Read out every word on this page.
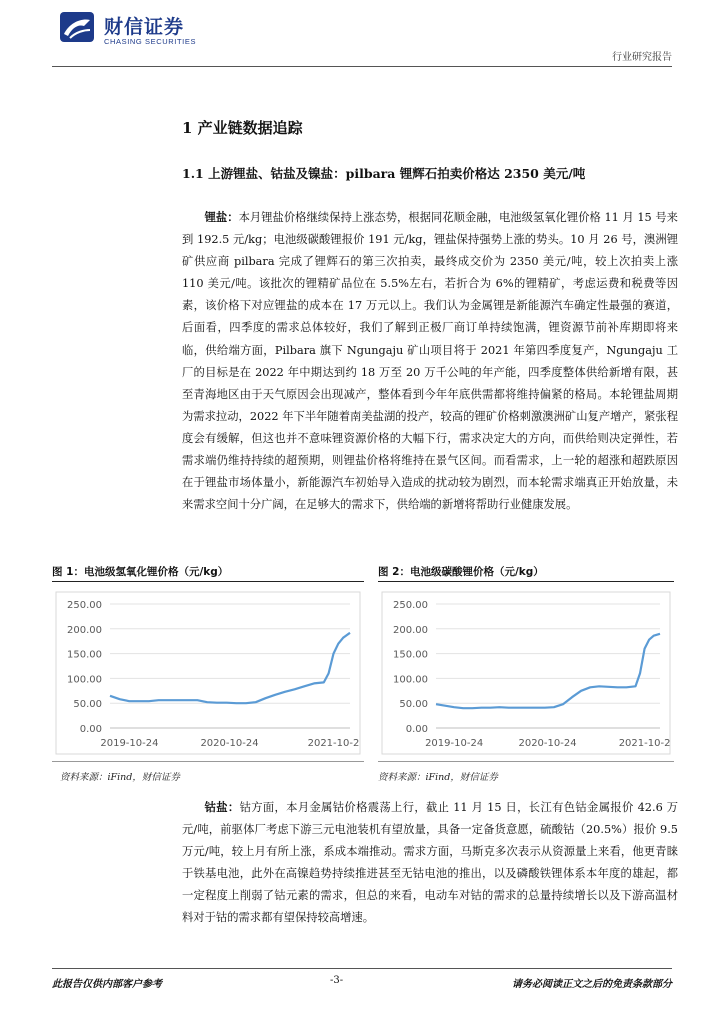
财信证券
CHASING SECURITIES
行业研究报告
1 产业链数据追踪
1.1 上游锂盐、钴盐及镍盐：pilbara 锂辉石拍卖价格达 2350 美元/吨
锂盐：本月锂盐价格继续保持上涨态势，根据同花顺金融，电池级氢氧化锂价格 11 月 15 号来到 192.5 元/kg；电池级碳酸锂报价 191 元/kg，锂盐保持强势上涨的势头。10 月 26 号，澳洲锂矿供应商 pilbara 完成了锂辉石的第三次拍卖，最终成交价为 2350 美元/吨，较上次拍卖上涨 110 美元/吨。该批次的锂精矿品位在 5.5%左右，若折合为 6%的锂精矿，考虑运费和税费等因素，该价格下对应锂盐的成本在 17 万元以上。我们认为金属锂是新能源汽车确定性最强的赛道，后面看，四季度的需求总体较好，我们了解到正极厂商订单持续饱满，锂资源节前补库期即将来临，供给端方面，Pilbara 旗下 Ngungaju 矿山项目将于 2021 年第四季度复产，Ngungaju 工厂的目标是在 2022 年中期达到约 18 万至 20 万千公吨的年产能，四季度整体供给新增有限，甚至青海地区由于天气原因会出现减产，整体看到今年年底供需都将维持偏紧的格局。本轮锂盐周期为需求拉动，2022 年下半年随着南美盐湖的投产，较高的锂矿价格刺激澳洲矿山复产增产，紧张程度会有缓解，但这也并不意味锂资源价格的大幅下行，需求决定大的方向，而供给则决定弹性，若需求端仍维持持续的超预期，则锂盐价格将维持在景气区间。而看需求，上一轮的超涨和超跌原因在于锂盐市场体量小，新能源汽车初始导入造成的扰动较为剧烈，而本轮需求端真正开始放量，未来需求空间十分广阔，在足够大的需求下，供给端的新增将帮助行业健康发展。
图 1：电池级氢氧化锂价格（元/kg）	图 2：电池级碳酸锂价格（元/kg）
250.00
200.00
150.00
100.00
50.00
0.00
2019-10-24	2020-10-24	2021-10-2
250.00
200.00
150.00
100.00
50.00
0.00
2019-10-24	2020-10-24	2021-10-2
资料来源：iFind，财信证券	资料来源：iFind，财信证券
钴盐：钴方面，本月金属钴价格震荡上行，截止 11 月 15 日，长江有色钴金属报价 42.6 万元/吨，前驱体厂考虑下游三元电池装机有望放量，具备一定备货意愿，硫酸钴（20.5%）报价 9.5 万元/吨，较上月有所上涨，系成本端推动。需求方面，马斯克多次表示从资源量上来看，他更青睐于铁基电池，此外在高镍趋势持续推进甚至无钴电池的推出，以及磷酸铁锂体系本年度的雄起，都一定程度上削弱了钴元素的需求，但总的来看，电动车对钴的需求的总量持续增长以及下游高温材料对于钴的需求都有望保持较高增速。
此报告仅供内部客户参考	-3-	请务必阅读正文之后的免责条款部分
